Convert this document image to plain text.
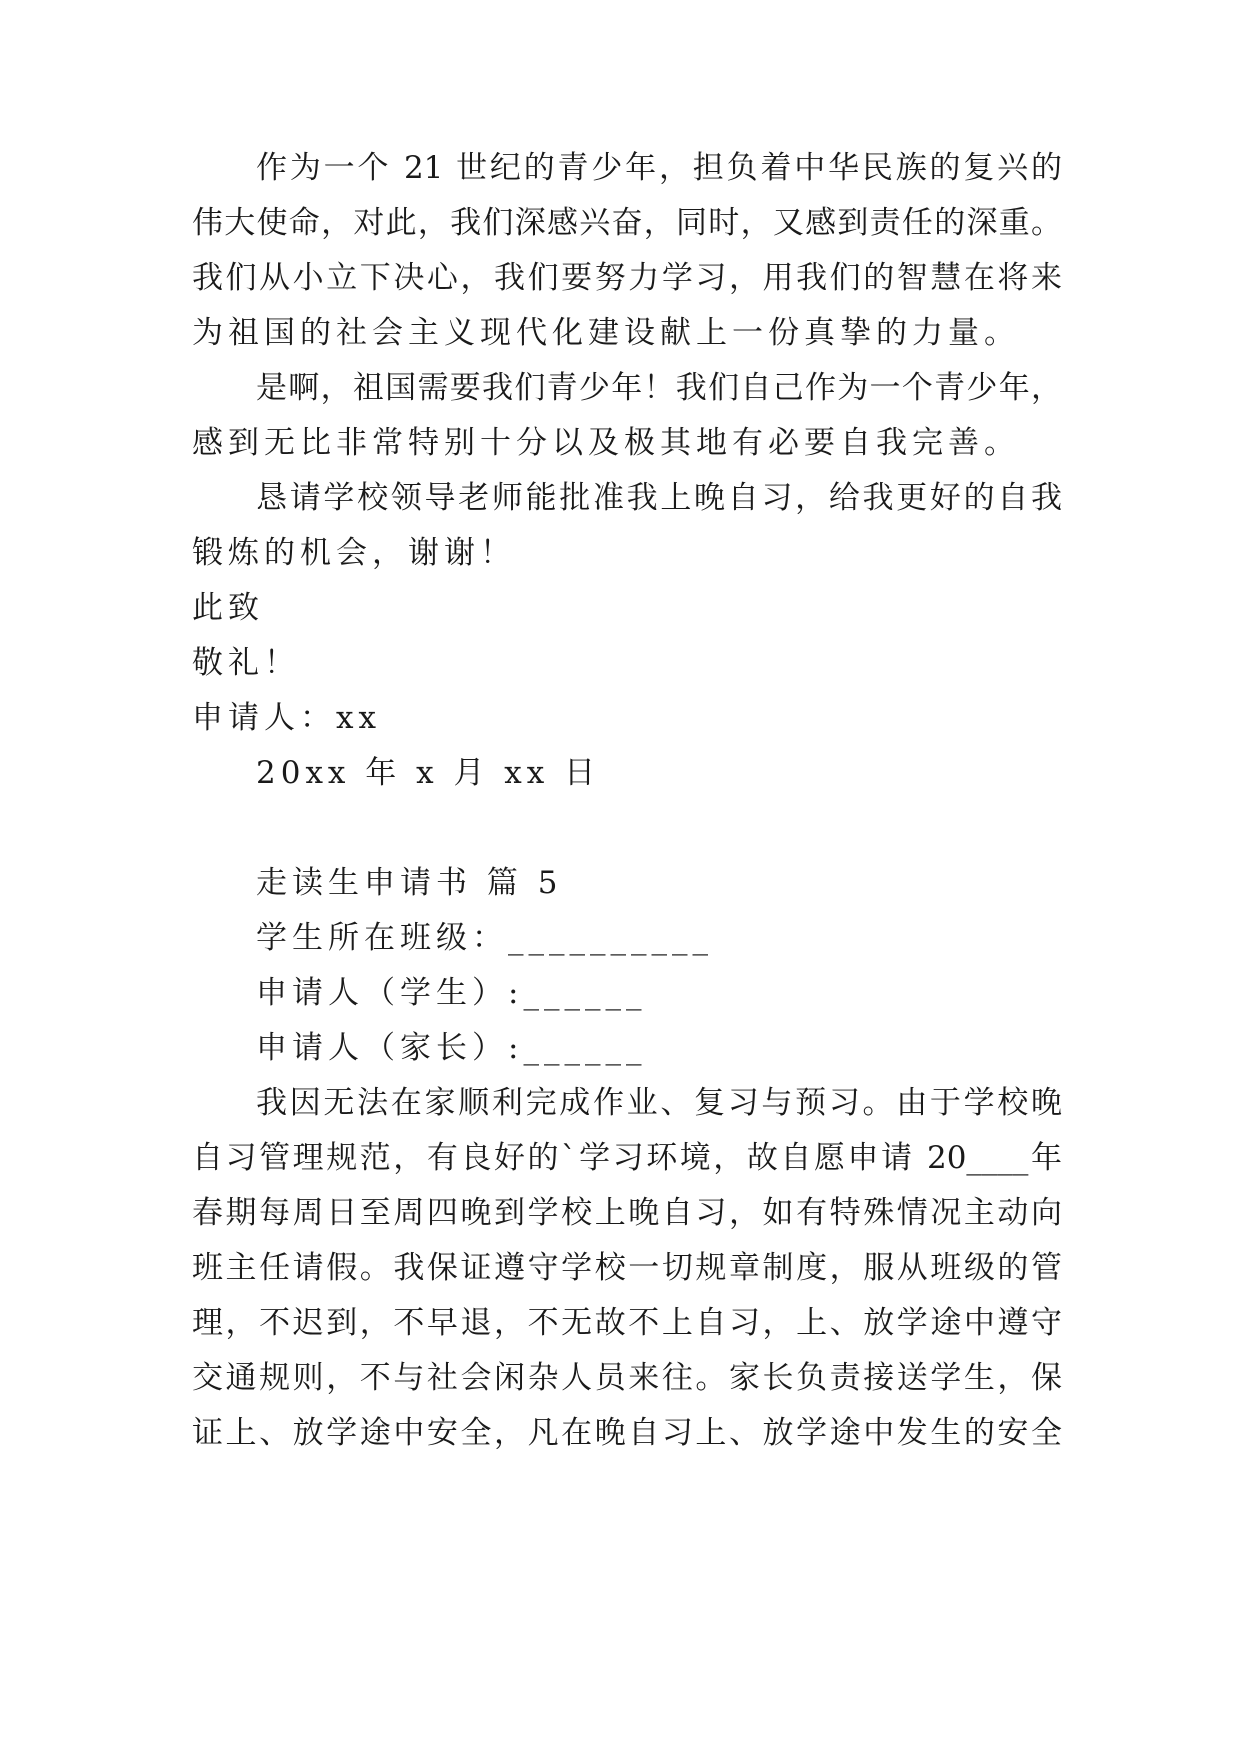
作为一个 21 世纪的青少年，担负着中华民族的复兴的
伟大使命，对此，我们深感兴奋，同时，又感到责任的深重。
我们从小立下决心，我们要努力学习，用我们的智慧在将来
为祖国的社会主义现代化建设献上一份真挚的力量。
是啊，祖国需要我们青少年！我们自己作为一个青少年，
感到无比非常特别十分以及极其地有必要自我完善。
恳请学校领导老师能批准我上晚自习，给我更好的自我
锻炼的机会，谢谢！
此致
敬礼！
申请人：xx
20xx 年 x 月 xx 日
走读生申请书 篇 5
学生所在班级：__________
申请人（学生）:______
申请人（家长）:______
我因无法在家顺利完成作业、复习与预习。由于学校晚
自习管理规范，有良好的`学习环境，故自愿申请 20____年
春期每周日至周四晚到学校上晚自习，如有特殊情况主动向
班主任请假。我保证遵守学校一切规章制度，服从班级的管
理，不迟到，不早退，不无故不上自习，上、放学途中遵守
交通规则，不与社会闲杂人员来往。家长负责接送学生，保
证上、放学途中安全，凡在晚自习上、放学途中发生的安全
